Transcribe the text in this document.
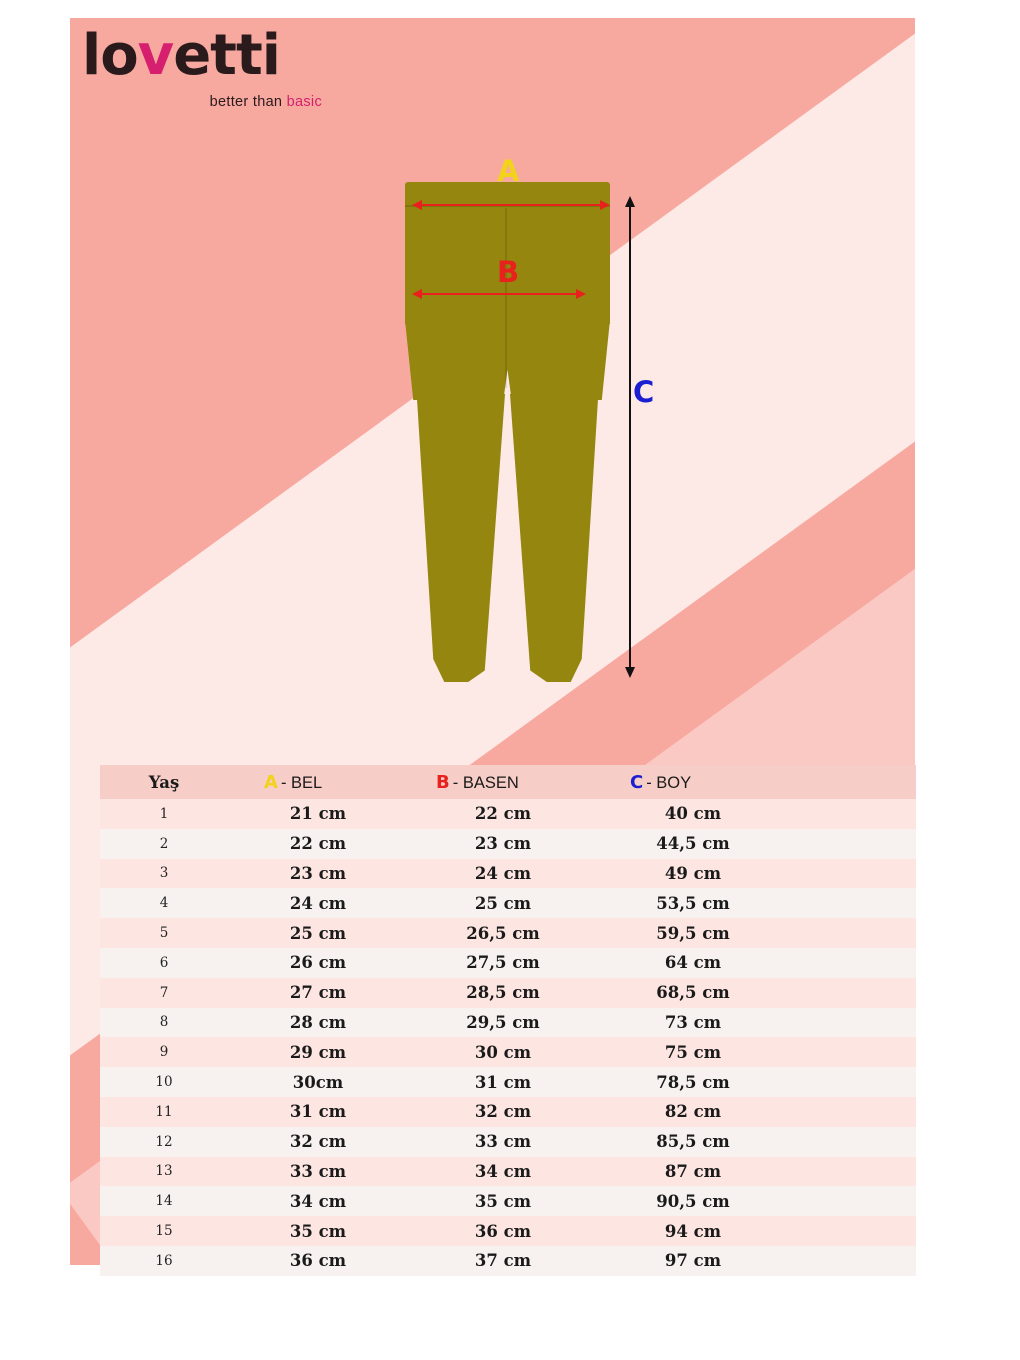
lovetti
better than basic
A
B
C
Yaş	A - BEL	B - BASEN	C - BOY
1	21 cm	22 cm	40 cm
2	22 cm	23 cm	44,5 cm
3	23 cm	24 cm	49 cm
4	24 cm	25 cm	53,5 cm
5	25 cm	26,5 cm	59,5 cm
6	26 cm	27,5 cm	64 cm
7	27 cm	28,5 cm	68,5 cm
8	28 cm	29,5 cm	73 cm
9	29 cm	30 cm	75 cm
10	30cm	31 cm	78,5 cm
11	31 cm	32 cm	82 cm
12	32 cm	33 cm	85,5 cm
13	33 cm	34 cm	87 cm
14	34 cm	35 cm	90,5 cm
15	35 cm	36 cm	94 cm
16	36 cm	37 cm	97 cm
